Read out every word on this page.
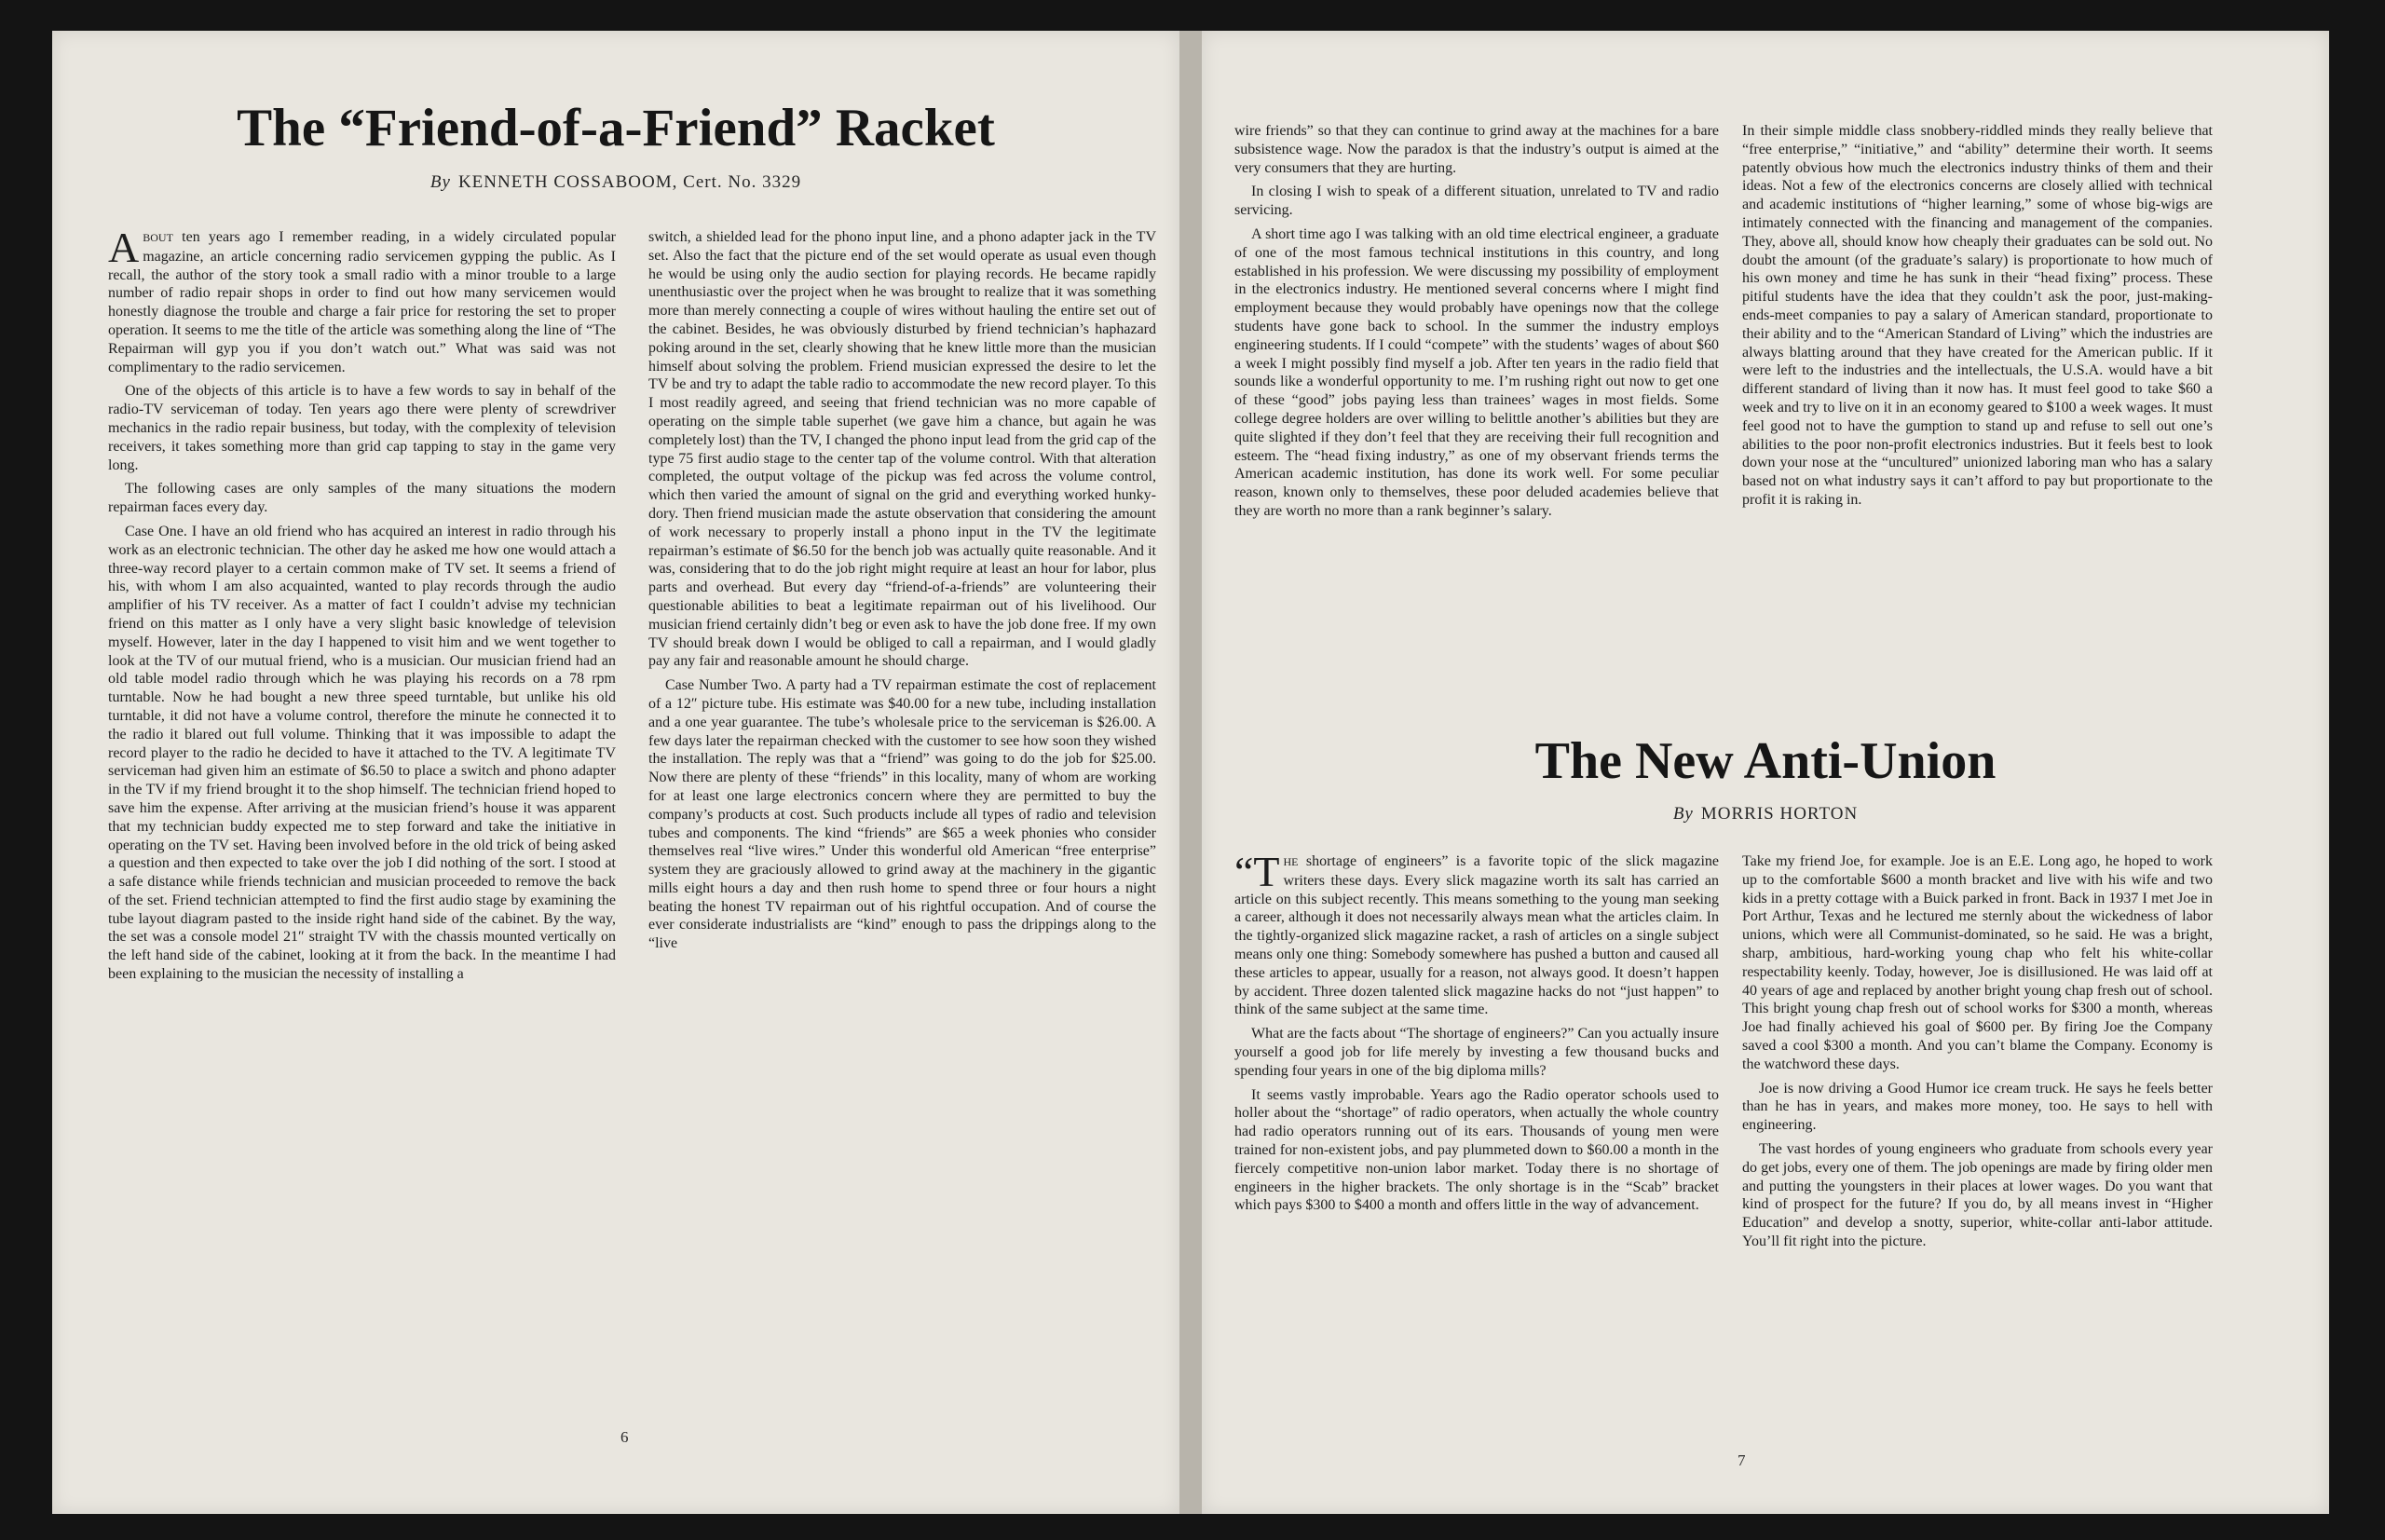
The “Friend-of-a-Friend” Racket

By KENNETH COSSABOOM, Cert. No. 3329

ABOUT ten years ago I remember reading, in a widely circulated popular magazine, an article concerning radio servicemen gypping the public. As I recall, the author of the story took a small radio with a minor trouble to a large number of radio repair shops in order to find out how many servicemen would honestly diagnose the trouble and charge a fair price for restoring the set to proper operation. It seems to me the title of the article was something along the line of “The Repairman will gyp you if you don’t watch out.” What was said was not complimentary to the radio servicemen.

One of the objects of this article is to have a few words to say in behalf of the radio-TV serviceman of today. Ten years ago there were plenty of screwdriver mechanics in the radio repair business, but today, with the complexity of television receivers, it takes something more than grid cap tapping to stay in the game very long.

The following cases are only samples of the many situations the modern repairman faces every day.

Case One. I have an old friend who has acquired an interest in radio through his work as an electronic technician. The other day he asked me how one would attach a three-way record player to a certain common make of TV set. It seems a friend of his, with whom I am also acquainted, wanted to play records through the audio amplifier of his TV receiver. As a matter of fact I couldn’t advise my technician friend on this matter as I only have a very slight basic knowledge of television myself. However, later in the day I happened to visit him and we went together to look at the TV of our mutual friend, who is a musician. Our musician friend had an old table model radio through which he was playing his records on a 78 rpm turntable. Now he had bought a new three speed turntable, but unlike his old turntable, it did not have a volume control, therefore the minute he connected it to the radio it blared out full volume. Thinking that it was impossible to adapt the record player to the radio he decided to have it attached to the TV. A legitimate TV serviceman had given him an estimate of $6.50 to place a switch and phono adapter in the TV if my friend brought it to the shop himself. The technician friend hoped to save him the expense. After arriving at the musician friend’s house it was apparent that my technician buddy expected me to step forward and take the initiative in operating on the TV set. Having been involved before in the old trick of being asked a question and then expected to take over the job I did nothing of the sort. I stood at a safe distance while friends technician and musician proceeded to remove the back of the set. Friend technician attempted to find the first audio stage by examining the tube layout diagram pasted to the inside right hand side of the cabinet. By the way, the set was a console model 21″ straight TV with the chassis mounted vertically on the left hand side of the cabinet, looking at it from the back. In the meantime I had been explaining to the musician the necessity of installing a

switch, a shielded lead for the phono input line, and a phono adapter jack in the TV set. Also the fact that the picture end of the set would operate as usual even though he would be using only the audio section for playing records. He became rapidly unenthusiastic over the project when he was brought to realize that it was something more than merely connecting a couple of wires without hauling the entire set out of the cabinet. Besides, he was obviously disturbed by friend technician’s haphazard poking around in the set, clearly showing that he knew little more than the musician himself about solving the problem. Friend musician expressed the desire to let the TV be and try to adapt the table radio to accommodate the new record player. To this I most readily agreed, and seeing that friend technician was no more capable of operating on the simple table superhet (we gave him a chance, but again he was completely lost) than the TV, I changed the phono input lead from the grid cap of the type 75 first audio stage to the center tap of the volume control. With that alteration completed, the output voltage of the pickup was fed across the volume control, which then varied the amount of signal on the grid and everything worked hunky-dory. Then friend musician made the astute observation that considering the amount of work necessary to properly install a phono input in the TV the legitimate repairman’s estimate of $6.50 for the bench job was actually quite reasonable. And it was, considering that to do the job right might require at least an hour for labor, plus parts and overhead. But every day “friend-of-a-friends” are volunteering their questionable abilities to beat a legitimate repairman out of his livelihood. Our musician friend certainly didn’t beg or even ask to have the job done free. If my own TV should break down I would be obliged to call a repairman, and I would gladly pay any fair and reasonable amount he should charge.

Case Number Two. A party had a TV repairman estimate the cost of replacement of a 12″ picture tube. His estimate was $40.00 for a new tube, including installation and a one year guarantee. The tube’s wholesale price to the serviceman is $26.00. A few days later the repairman checked with the customer to see how soon they wished the installation. The reply was that a “friend” was going to do the job for $25.00. Now there are plenty of these “friends” in this locality, many of whom are working for at least one large electronics concern where they are permitted to buy the company’s products at cost. Such products include all types of radio and television tubes and components. The kind “friends” are $65 a week phonies who consider themselves real “live wires.” Under this wonderful old American “free enterprise” system they are graciously allowed to grind away at the machinery in the gigantic mills eight hours a day and then rush home to spend three or four hours a night beating the honest TV repairman out of his rightful occupation. And of course the ever considerate industrialists are “kind” enough to pass the drippings along to the “live

6

wire friends” so that they can continue to grind away at the machines for a bare subsistence wage. Now the paradox is that the industry’s output is aimed at the very consumers that they are hurting.

In closing I wish to speak of a different situation, unrelated to TV and radio servicing.

A short time ago I was talking with an old time electrical engineer, a graduate of one of the most famous technical institutions in this country, and long established in his profession. We were discussing my possibility of employment in the electronics industry. He mentioned several concerns where I might find employment because they would probably have openings now that the college students have gone back to school. In the summer the industry employs engineering students. If I could “compete” with the students’ wages of about $60 a week I might possibly find myself a job. After ten years in the radio field that sounds like a wonderful opportunity to me. I’m rushing right out now to get one of these “good” jobs paying less than trainees’ wages in most fields. Some college degree holders are over willing to belittle another’s abilities but they are quite slighted if they don’t feel that they are receiving their full recognition and esteem. The “head fixing industry,” as one of my observant friends terms the American academic institution, has done its work well. For some peculiar reason, known only to themselves, these poor deluded academies believe that they are worth no more than a rank beginner’s salary.

In their simple middle class snobbery-riddled minds they really believe that “free enterprise,” “initiative,” and “ability” determine their worth. It seems patently obvious how much the electronics industry thinks of them and their ideas. Not a few of the electronics concerns are closely allied with technical and academic institutions of “higher learning,” some of whose big-wigs are intimately connected with the financing and management of the companies. They, above all, should know how cheaply their graduates can be sold out. No doubt the amount (of the graduate’s salary) is proportionate to how much of his own money and time he has sunk in their “head fixing” process. These pitiful students have the idea that they couldn’t ask the poor, just-making-ends-meet companies to pay a salary of American standard, proportionate to their ability and to the “American Standard of Living” which the industries are always blatting around that they have created for the American public. If it were left to the industries and the intellectuals, the U.S.A. would have a bit different standard of living than it now has. It must feel good to take $60 a week and try to live on it in an economy geared to $100 a week wages. It must feel good not to have the gumption to stand up and refuse to sell out one’s abilities to the poor non-profit electronics industries. But it feels best to look down your nose at the “uncultured” unionized laboring man who has a salary based not on what industry says it can’t afford to pay but proportionate to the profit it is raking in.

The New Anti-Union

By MORRIS HORTON

“THE shortage of engineers” is a favorite topic of the slick magazine writers these days. Every slick magazine worth its salt has carried an article on this subject recently. This means something to the young man seeking a career, although it does not necessarily always mean what the articles claim. In the tightly-organized slick magazine racket, a rash of articles on a single subject means only one thing: Somebody somewhere has pushed a button and caused all these articles to appear, usually for a reason, not always good. It doesn’t happen by accident. Three dozen talented slick magazine hacks do not “just happen” to think of the same subject at the same time.

What are the facts about “The shortage of engineers?” Can you actually insure yourself a good job for life merely by investing a few thousand bucks and spending four years in one of the big diploma mills?

It seems vastly improbable. Years ago the Radio operator schools used to holler about the “shortage” of radio operators, when actually the whole country had radio operators running out of its ears. Thousands of young men were trained for non-existent jobs, and pay plummeted down to $60.00 a month in the fiercely competitive non-union labor market. Today there is no shortage of engineers in the higher brackets. The only shortage is in the “Scab” bracket which pays $300 to $400 a month and offers little in the way of advancement.

Take my friend Joe, for example. Joe is an E.E. Long ago, he hoped to work up to the comfortable $600 a month bracket and live with his wife and two kids in a pretty cottage with a Buick parked in front. Back in 1937 I met Joe in Port Arthur, Texas and he lectured me sternly about the wickedness of labor unions, which were all Communist-dominated, so he said. He was a bright, sharp, ambitious, hard-working young chap who felt his white-collar respectability keenly. Today, however, Joe is disillusioned. He was laid off at 40 years of age and replaced by another bright young chap fresh out of school. This bright young chap fresh out of school works for $300 a month, whereas Joe had finally achieved his goal of $600 per. By firing Joe the Company saved a cool $300 a month. And you can’t blame the Company. Economy is the watchword these days.

Joe is now driving a Good Humor ice cream truck. He says he feels better than he has in years, and makes more money, too. He says to hell with engineering.

The vast hordes of young engineers who graduate from schools every year do get jobs, every one of them. The job openings are made by firing older men and putting the youngsters in their places at lower wages. Do you want that kind of prospect for the future? If you do, by all means invest in “Higher Education” and develop a snotty, superior, white-collar anti-labor attitude. You’ll fit right into the picture.

7
